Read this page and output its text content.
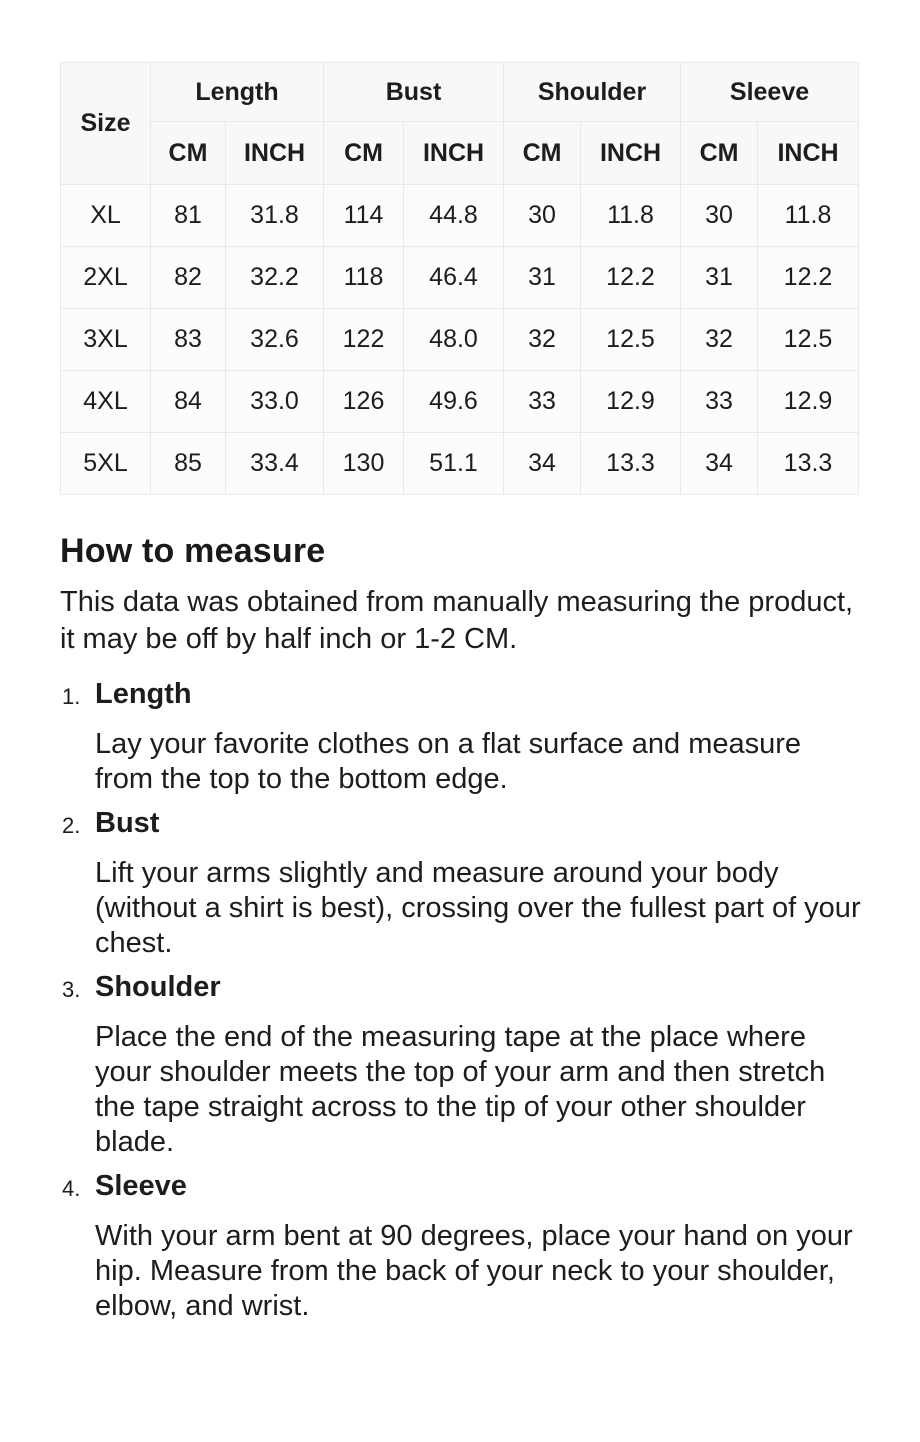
Size	Length		Bust		Shoulder		Sleeve	
	CM	INCH	CM	INCH	CM	INCH	CM	INCH
XL	81	31.8	114	44.8	30	11.8	30	11.8
2XL	82	32.2	118	46.4	31	12.2	31	12.2
3XL	83	32.6	122	48.0	32	12.5	32	12.5
4XL	84	33.0	126	49.6	33	12.9	33	12.9
5XL	85	33.4	130	51.1	34	13.3	34	13.3
How to measure

This data was obtained from manually measuring the product, it may be off by half inch or 1-2 CM.

1. Length
Lay your favorite clothes on a flat surface and measure from the top to the bottom edge.
2. Bust
Lift your arms slightly and measure around your body (without a shirt is best), crossing over the fullest part of your chest.
3. Shoulder
Place the end of the measuring tape at the place where your shoulder meets the top of your arm and then stretch the tape straight across to the tip of your other shoulder blade.
4. Sleeve
With your arm bent at 90 degrees, place your hand on your hip. Measure from the back of your neck to your shoulder, elbow, and wrist.
